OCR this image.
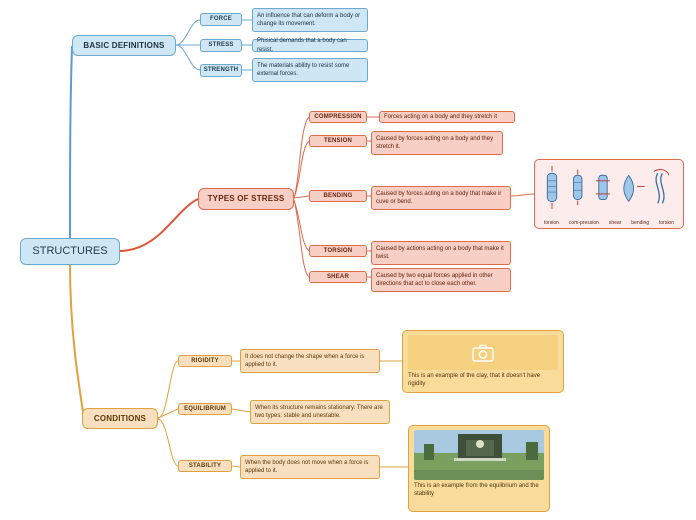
STRUCTURES
BASIC DEFINITIONS
FORCE
An influence that can deform a body or change its movement.
STRESS
Phisical demands that a body can resist.
STRENGTH
The materials ability to resist some external forces.
TYPES OF STRESS
COMPRESSION	Forces acting on a body and they stretch it
TENSION	Caused by forces acting on a body and they stretch it.
BENDING	Caused by forces acting on a body that make ir cuve or bend.
TORSION	Caused by actions acting on a body that make it twist.
SHEAR	Caused by two equal forces applied in other directions that act to close each other.
torsion com-pression shear bending torsion
CONDITIONS
RIGIDITY
It does not change the shape when a force is applied to it.
EQUILIBRIUM	When its structure remains stationary. There are two types: stable and unestable.
STABILITY	When the body does not move when a force is applied to it.
This is an example of the clay, that it doesn't have rigidity
This is an example from the equlibrium and the stability
